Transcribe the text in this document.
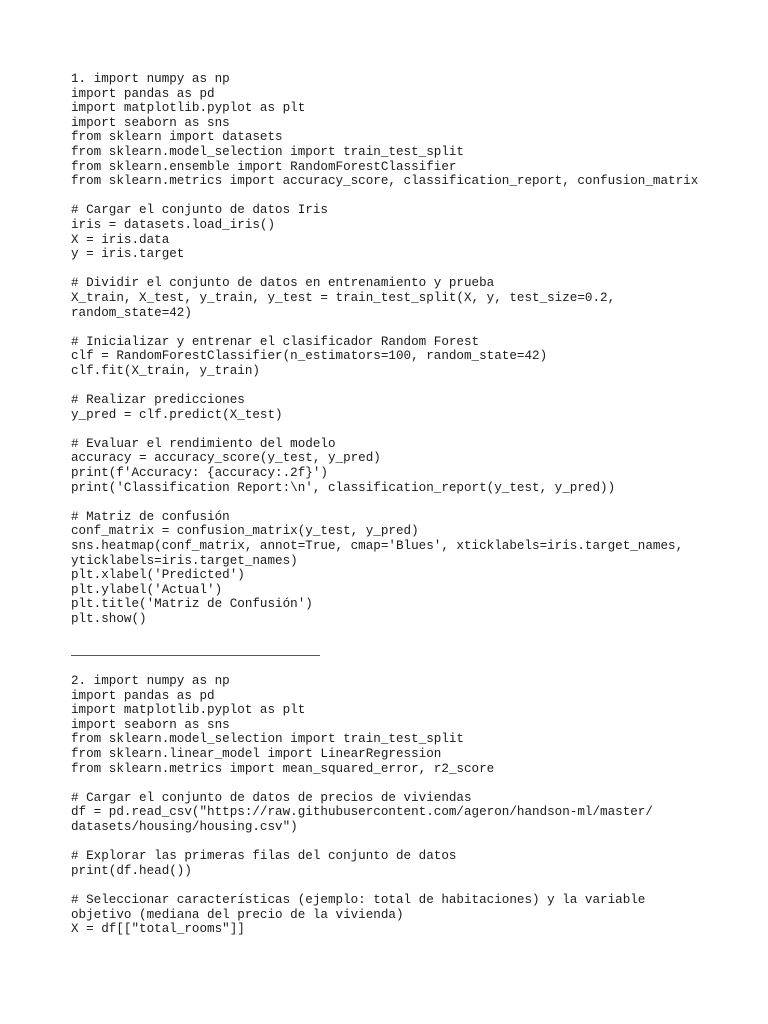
1. import numpy as np
import pandas as pd
import matplotlib.pyplot as plt
import seaborn as sns
from sklearn import datasets
from sklearn.model_selection import train_test_split
from sklearn.ensemble import RandomForestClassifier
from sklearn.metrics import accuracy_score, classification_report, confusion_matrix
# Cargar el conjunto de datos Iris
iris = datasets.load_iris()
X = iris.data
y = iris.target
# Dividir el conjunto de datos en entrenamiento y prueba
X_train, X_test, y_train, y_test = train_test_split(X, y, test_size=0.2,
random_state=42)
# Inicializar y entrenar el clasificador Random Forest
clf = RandomForestClassifier(n_estimators=100, random_state=42)
clf.fit(X_train, y_train)
# Realizar predicciones
y_pred = clf.predict(X_test)
# Evaluar el rendimiento del modelo
accuracy = accuracy_score(y_test, y_pred)
print(f'Accuracy: {accuracy:.2f}')
print('Classification Report:\n', classification_report(y_test, y_pred))
# Matriz de confusión
conf_matrix = confusion_matrix(y_test, y_pred)
sns.heatmap(conf_matrix, annot=True, cmap='Blues', xticklabels=iris.target_names,
yticklabels=iris.target_names)
plt.xlabel('Predicted')
plt.ylabel('Actual')
plt.title('Matriz de Confusión')
plt.show()
2. import numpy as np
import pandas as pd
import matplotlib.pyplot as plt
import seaborn as sns
from sklearn.model_selection import train_test_split
from sklearn.linear_model import LinearRegression
from sklearn.metrics import mean_squared_error, r2_score
# Cargar el conjunto de datos de precios de viviendas
df = pd.read_csv("https://raw.githubusercontent.com/ageron/handson-ml/master/
datasets/housing/housing.csv")
# Explorar las primeras filas del conjunto de datos
print(df.head())
# Seleccionar características (ejemplo: total de habitaciones) y la variable
objetivo (mediana del precio de la vivienda)
X = df[["total_rooms"]]
